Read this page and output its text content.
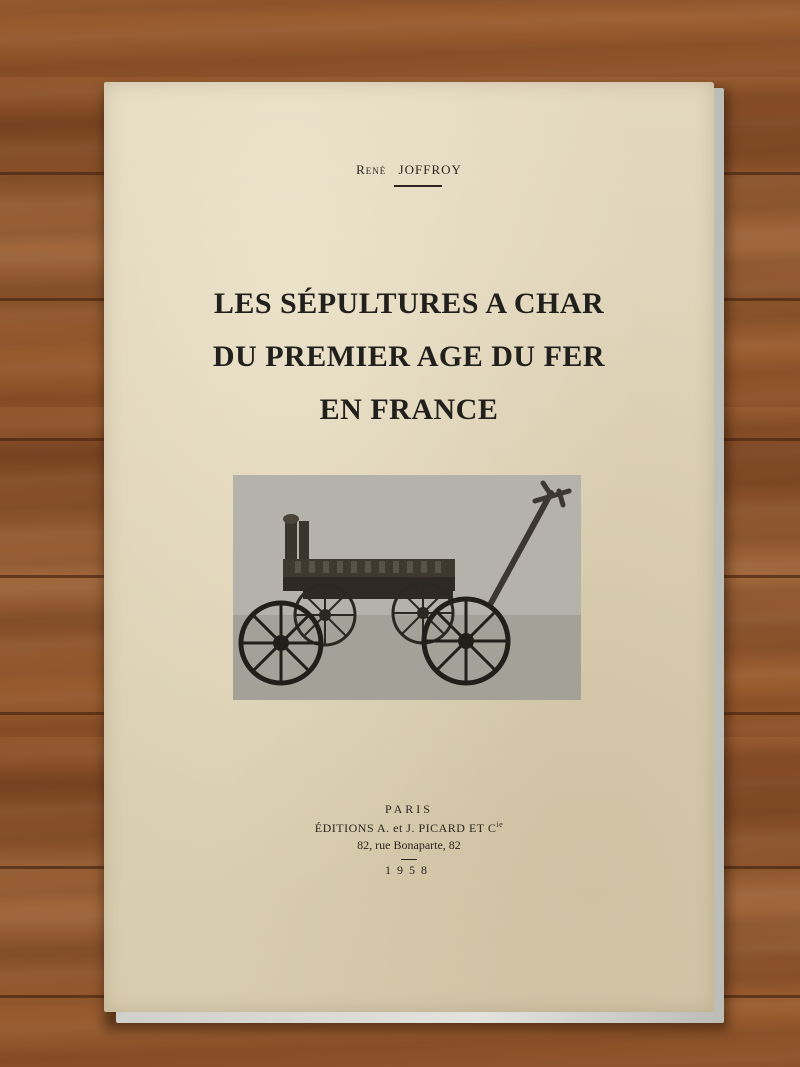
René JOFFROY
LES SÉPULTURES A CHAR
DU PREMIER AGE DU FER
EN FRANCE
PARIS
ÉDITIONS A. et J. PICARD ET $C^{ie}$
82, rue Bonaparte, 82
1958
